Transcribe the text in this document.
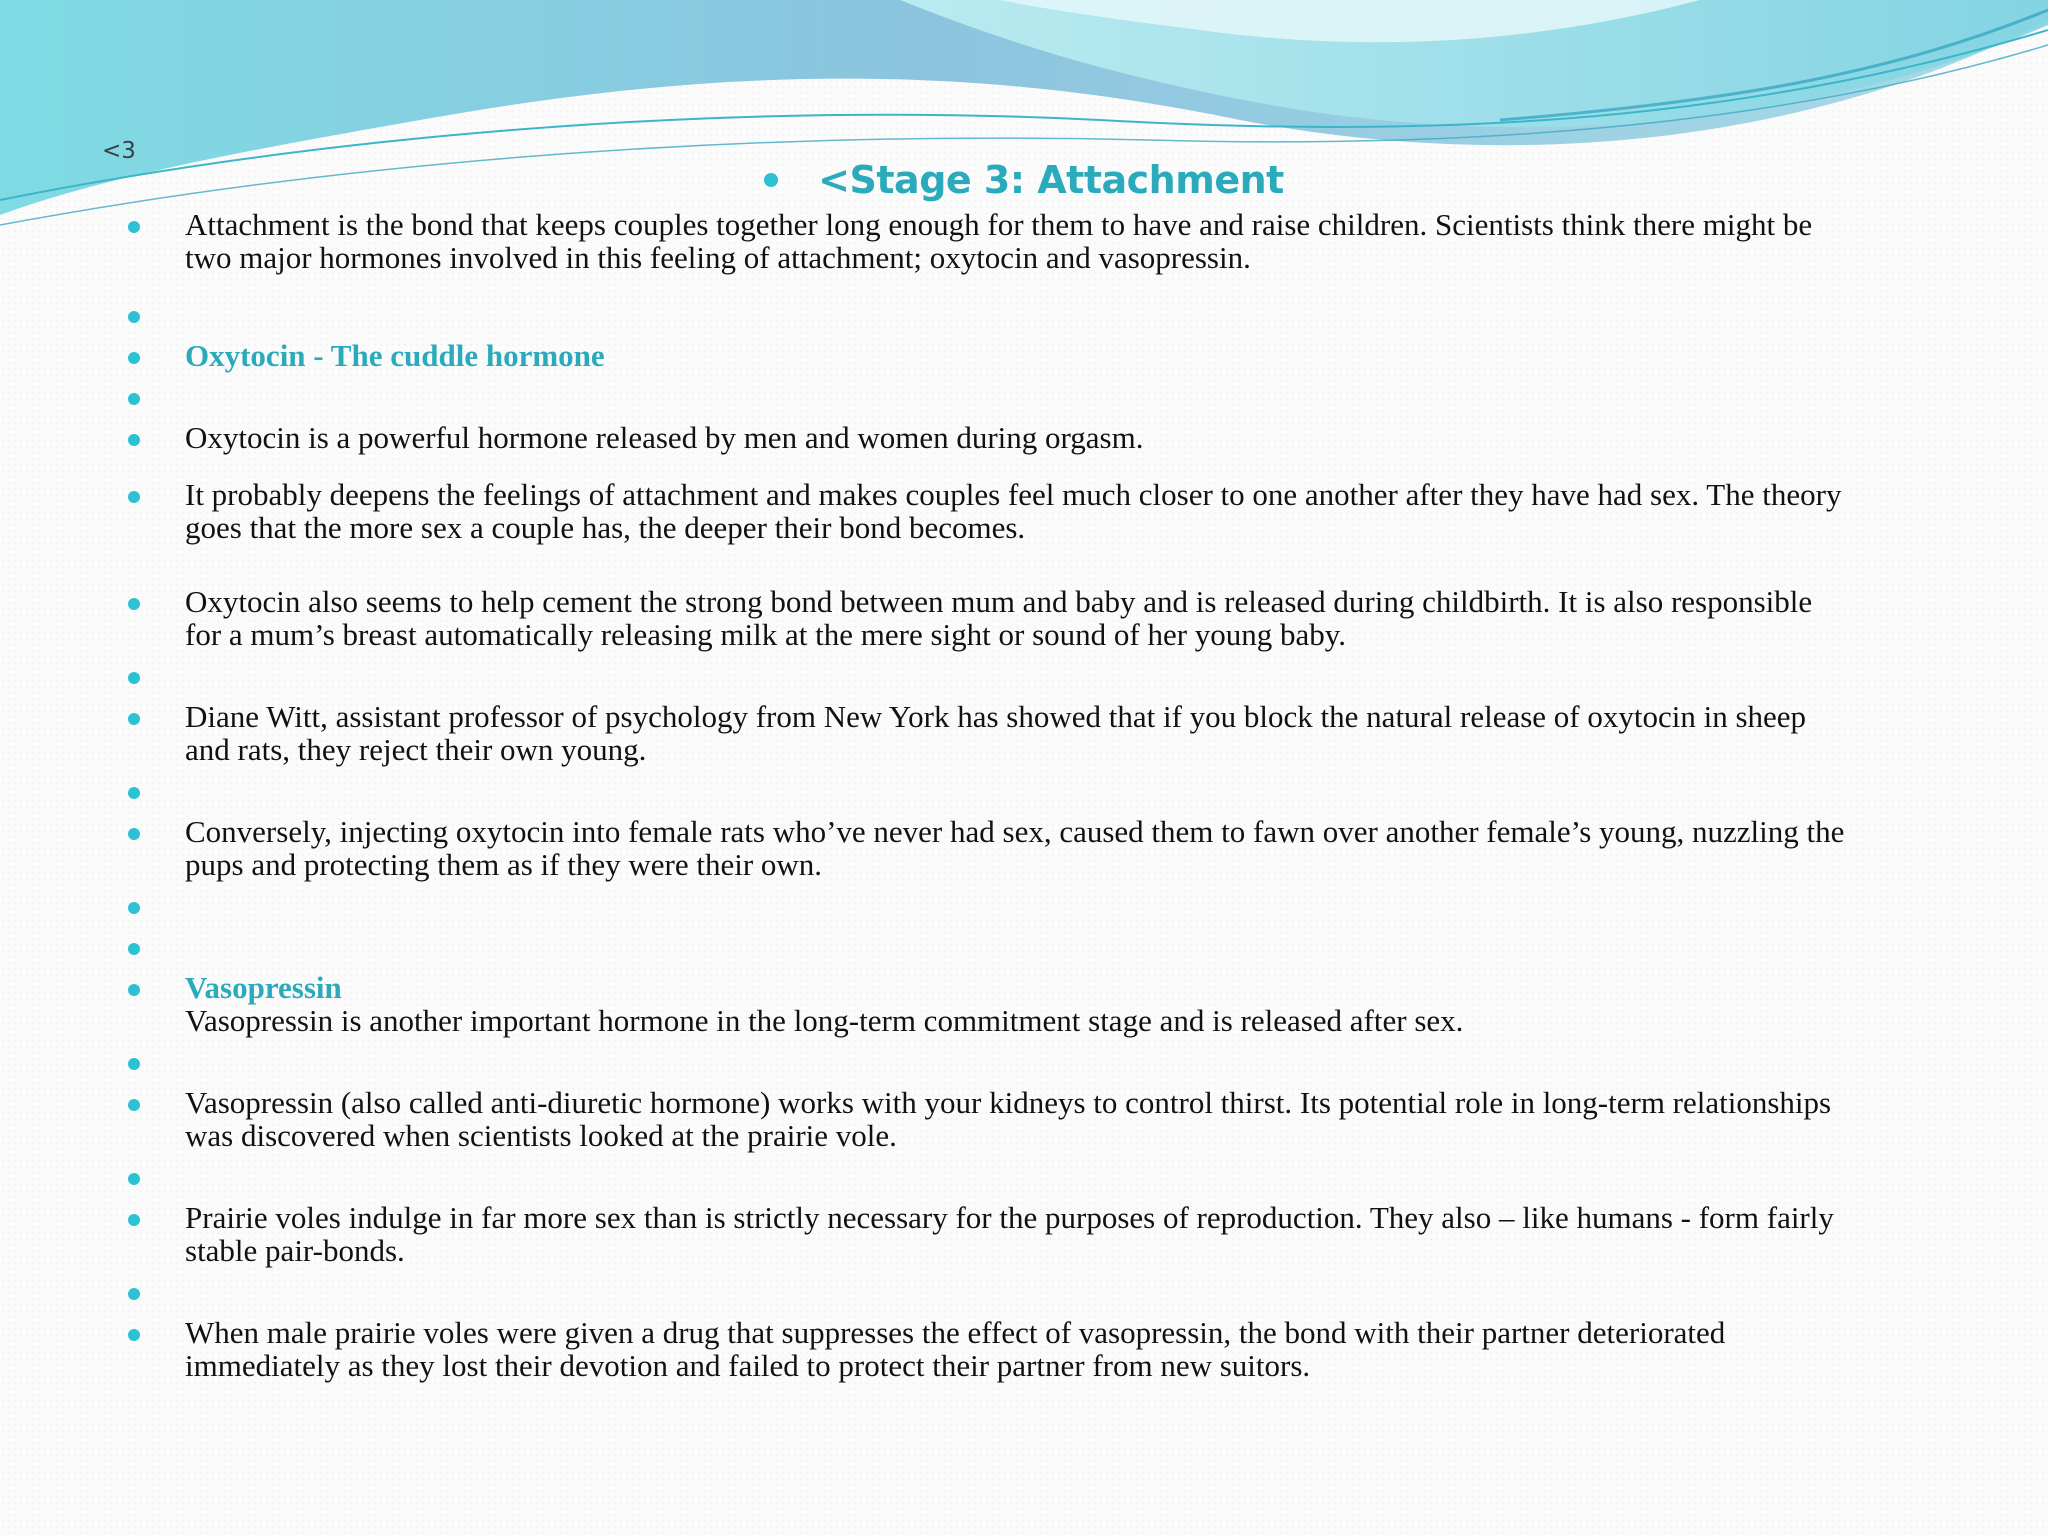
<3

<Stage 3: Attachment
Attachment is the bond that keeps couples together long enough for them to have and raise children. Scientists think there might be two major hormones involved in this feeling of attachment; oxytocin and vasopressin.
Oxytocin - The cuddle hormone
Oxytocin is a powerful hormone released by men and women during orgasm.
It probably deepens the feelings of attachment and makes couples feel much closer to one another after they have had sex. The theory goes that the more sex a couple has, the deeper their bond becomes.
Oxytocin also seems to help cement the strong bond between mum and baby and is released during childbirth. It is also responsible for a mum’s breast automatically releasing milk at the mere sight or sound of her young baby.
Diane Witt, assistant professor of psychology from New York has showed that if you block the natural release of oxytocin in sheep and rats, they reject their own young.
Conversely, injecting oxytocin into female rats who’ve never had sex, caused them to fawn over another female’s young, nuzzling the pups and protecting them as if they were their own.
Vasopressin
Vasopressin is another important hormone in the long-term commitment stage and is released after sex.
Vasopressin (also called anti-diuretic hormone) works with your kidneys to control thirst. Its potential role in long-term relationships was discovered when scientists looked at the prairie vole.
Prairie voles indulge in far more sex than is strictly necessary for the purposes of reproduction. They also – like humans - form fairly stable pair-bonds.
When male prairie voles were given a drug that suppresses the effect of vasopressin, the bond with their partner deteriorated immediately as they lost their devotion and failed to protect their partner from new suitors.
